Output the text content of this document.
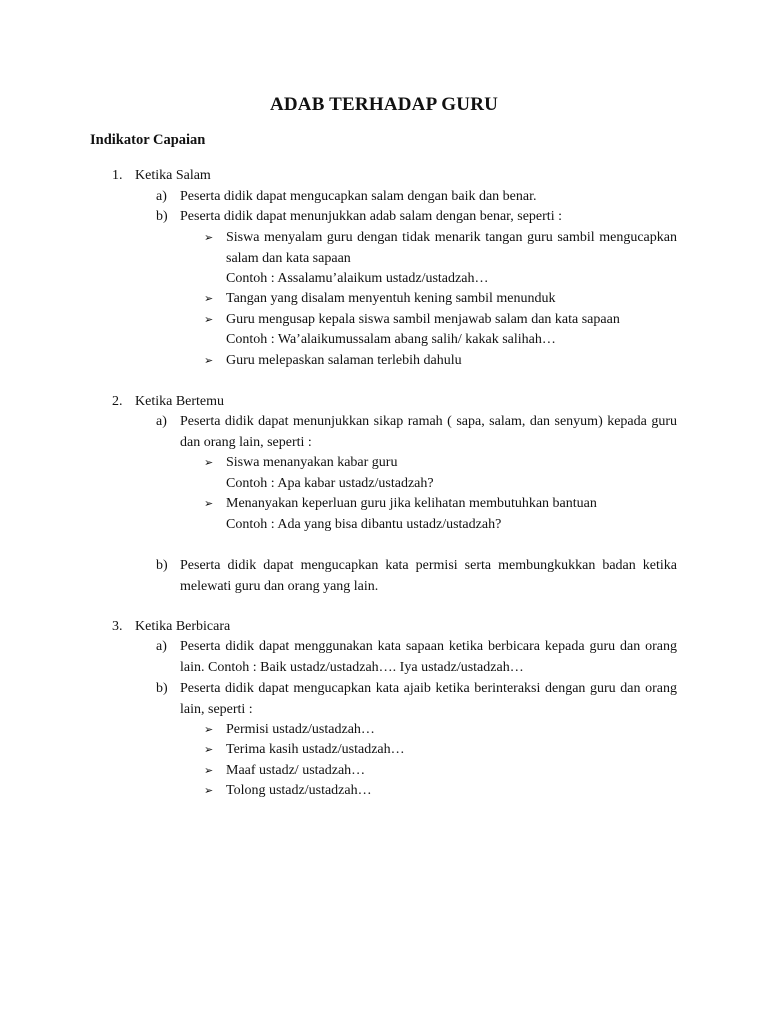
ADAB TERHADAP GURU
Indikator Capaian
1. Ketika Salam
a) Peserta didik dapat mengucapkan salam dengan baik dan benar.
b) Peserta didik dapat menunjukkan adab salam dengan benar, seperti :
➢ Siswa menyalam guru dengan tidak menarik tangan guru sambil mengucapkan salam dan kata sapaan
Contoh : Assalamu’alaikum ustadz/ustadzah…
➢ Tangan yang disalam menyentuh kening sambil menunduk
➢ Guru mengusap kepala siswa sambil menjawab salam dan kata sapaan
Contoh : Wa’alaikumussalam abang salih/ kakak salihah…
➢ Guru melepaskan salaman terlebih dahulu
2. Ketika Bertemu
a) Peserta didik dapat menunjukkan sikap ramah ( sapa, salam, dan senyum) kepada guru dan orang lain, seperti :
➢ Siswa menanyakan kabar guru
Contoh : Apa kabar ustadz/ustadzah?
➢ Menanyakan keperluan guru jika kelihatan membutuhkan bantuan
Contoh : Ada yang bisa dibantu ustadz/ustadzah?
b) Peserta didik dapat mengucapkan kata permisi serta membungkukkan badan ketika melewati guru dan orang yang lain.
3. Ketika Berbicara
a) Peserta didik dapat menggunakan kata sapaan ketika berbicara kepada guru dan orang lain. Contoh : Baik ustadz/ustadzah…. Iya ustadz/ustadzah…
b) Peserta didik dapat mengucapkan kata ajaib ketika berinteraksi dengan guru dan orang lain, seperti :
➢ Permisi ustadz/ustadzah…
➢ Terima kasih ustadz/ustadzah…
➢ Maaf ustadz/ ustadzah…
➢ Tolong ustadz/ustadzah…
